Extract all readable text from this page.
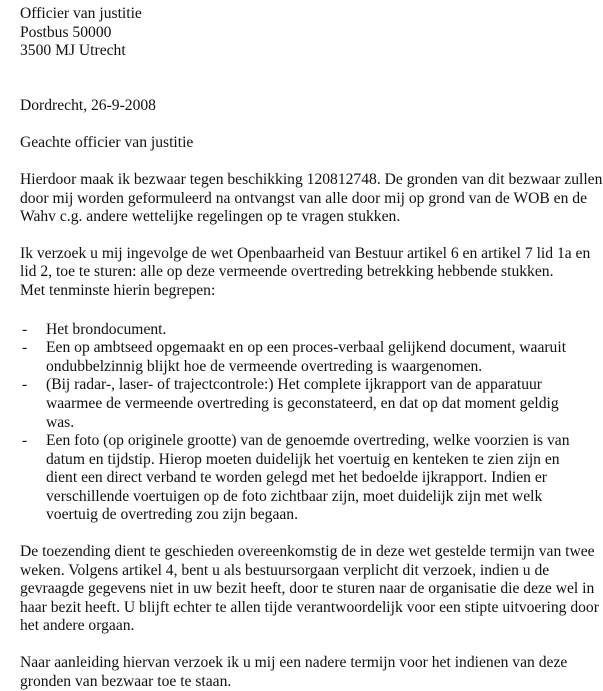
Officier van justitie
Postbus 50000
3500 MJ Utrecht
Dordrecht, 26-9-2008
Geachte officier van justitie
Hierdoor maak ik bezwaar tegen beschikking 120812748. De gronden van dit bezwaar zullen
door mij worden geformuleerd na ontvangst van alle door mij op grond van de WOB en de
Wahv c.g. andere wettelijke regelingen op te vragen stukken.
Ik verzoek u mij ingevolge de wet Openbaarheid van Bestuur artikel 6 en artikel 7 lid 1a en
lid 2, toe te sturen: alle op deze vermeende overtreding betrekking hebbende stukken.
Met tenminste hierin begrepen:
- Het brondocument.
- Een op ambtseed opgemaakt en op een proces-verbaal gelijkend document, waaruit
ondubbelzinnig blijkt hoe de vermeende overtreding is waargenomen.
- (Bij radar-, laser- of trajectcontrole:) Het complete ijkrapport van de apparatuur
waarmee de vermeende overtreding is geconstateerd, en dat op dat moment geldig
was.
- Een foto (op originele grootte) van de genoemde overtreding, welke voorzien is van
datum en tijdstip. Hierop moeten duidelijk het voertuig en kenteken te zien zijn en
dient een direct verband te worden gelegd met het bedoelde ijkrapport. Indien er
verschillende voertuigen op de foto zichtbaar zijn, moet duidelijk zijn met welk
voertuig de overtreding zou zijn begaan.
De toezending dient te geschieden overeenkomstig de in deze wet gestelde termijn van twee
weken. Volgens artikel 4, bent u als bestuursorgaan verplicht dit verzoek, indien u de
gevraagde gegevens niet in uw bezit heeft, door te sturen naar de organisatie die deze wel in
haar bezit heeft. U blijft echter te allen tijde verantwoordelijk voor een stipte uitvoering door
het andere orgaan.
Naar aanleiding hiervan verzoek ik u mij een nadere termijn voor het indienen van deze
gronden van bezwaar toe te staan.
